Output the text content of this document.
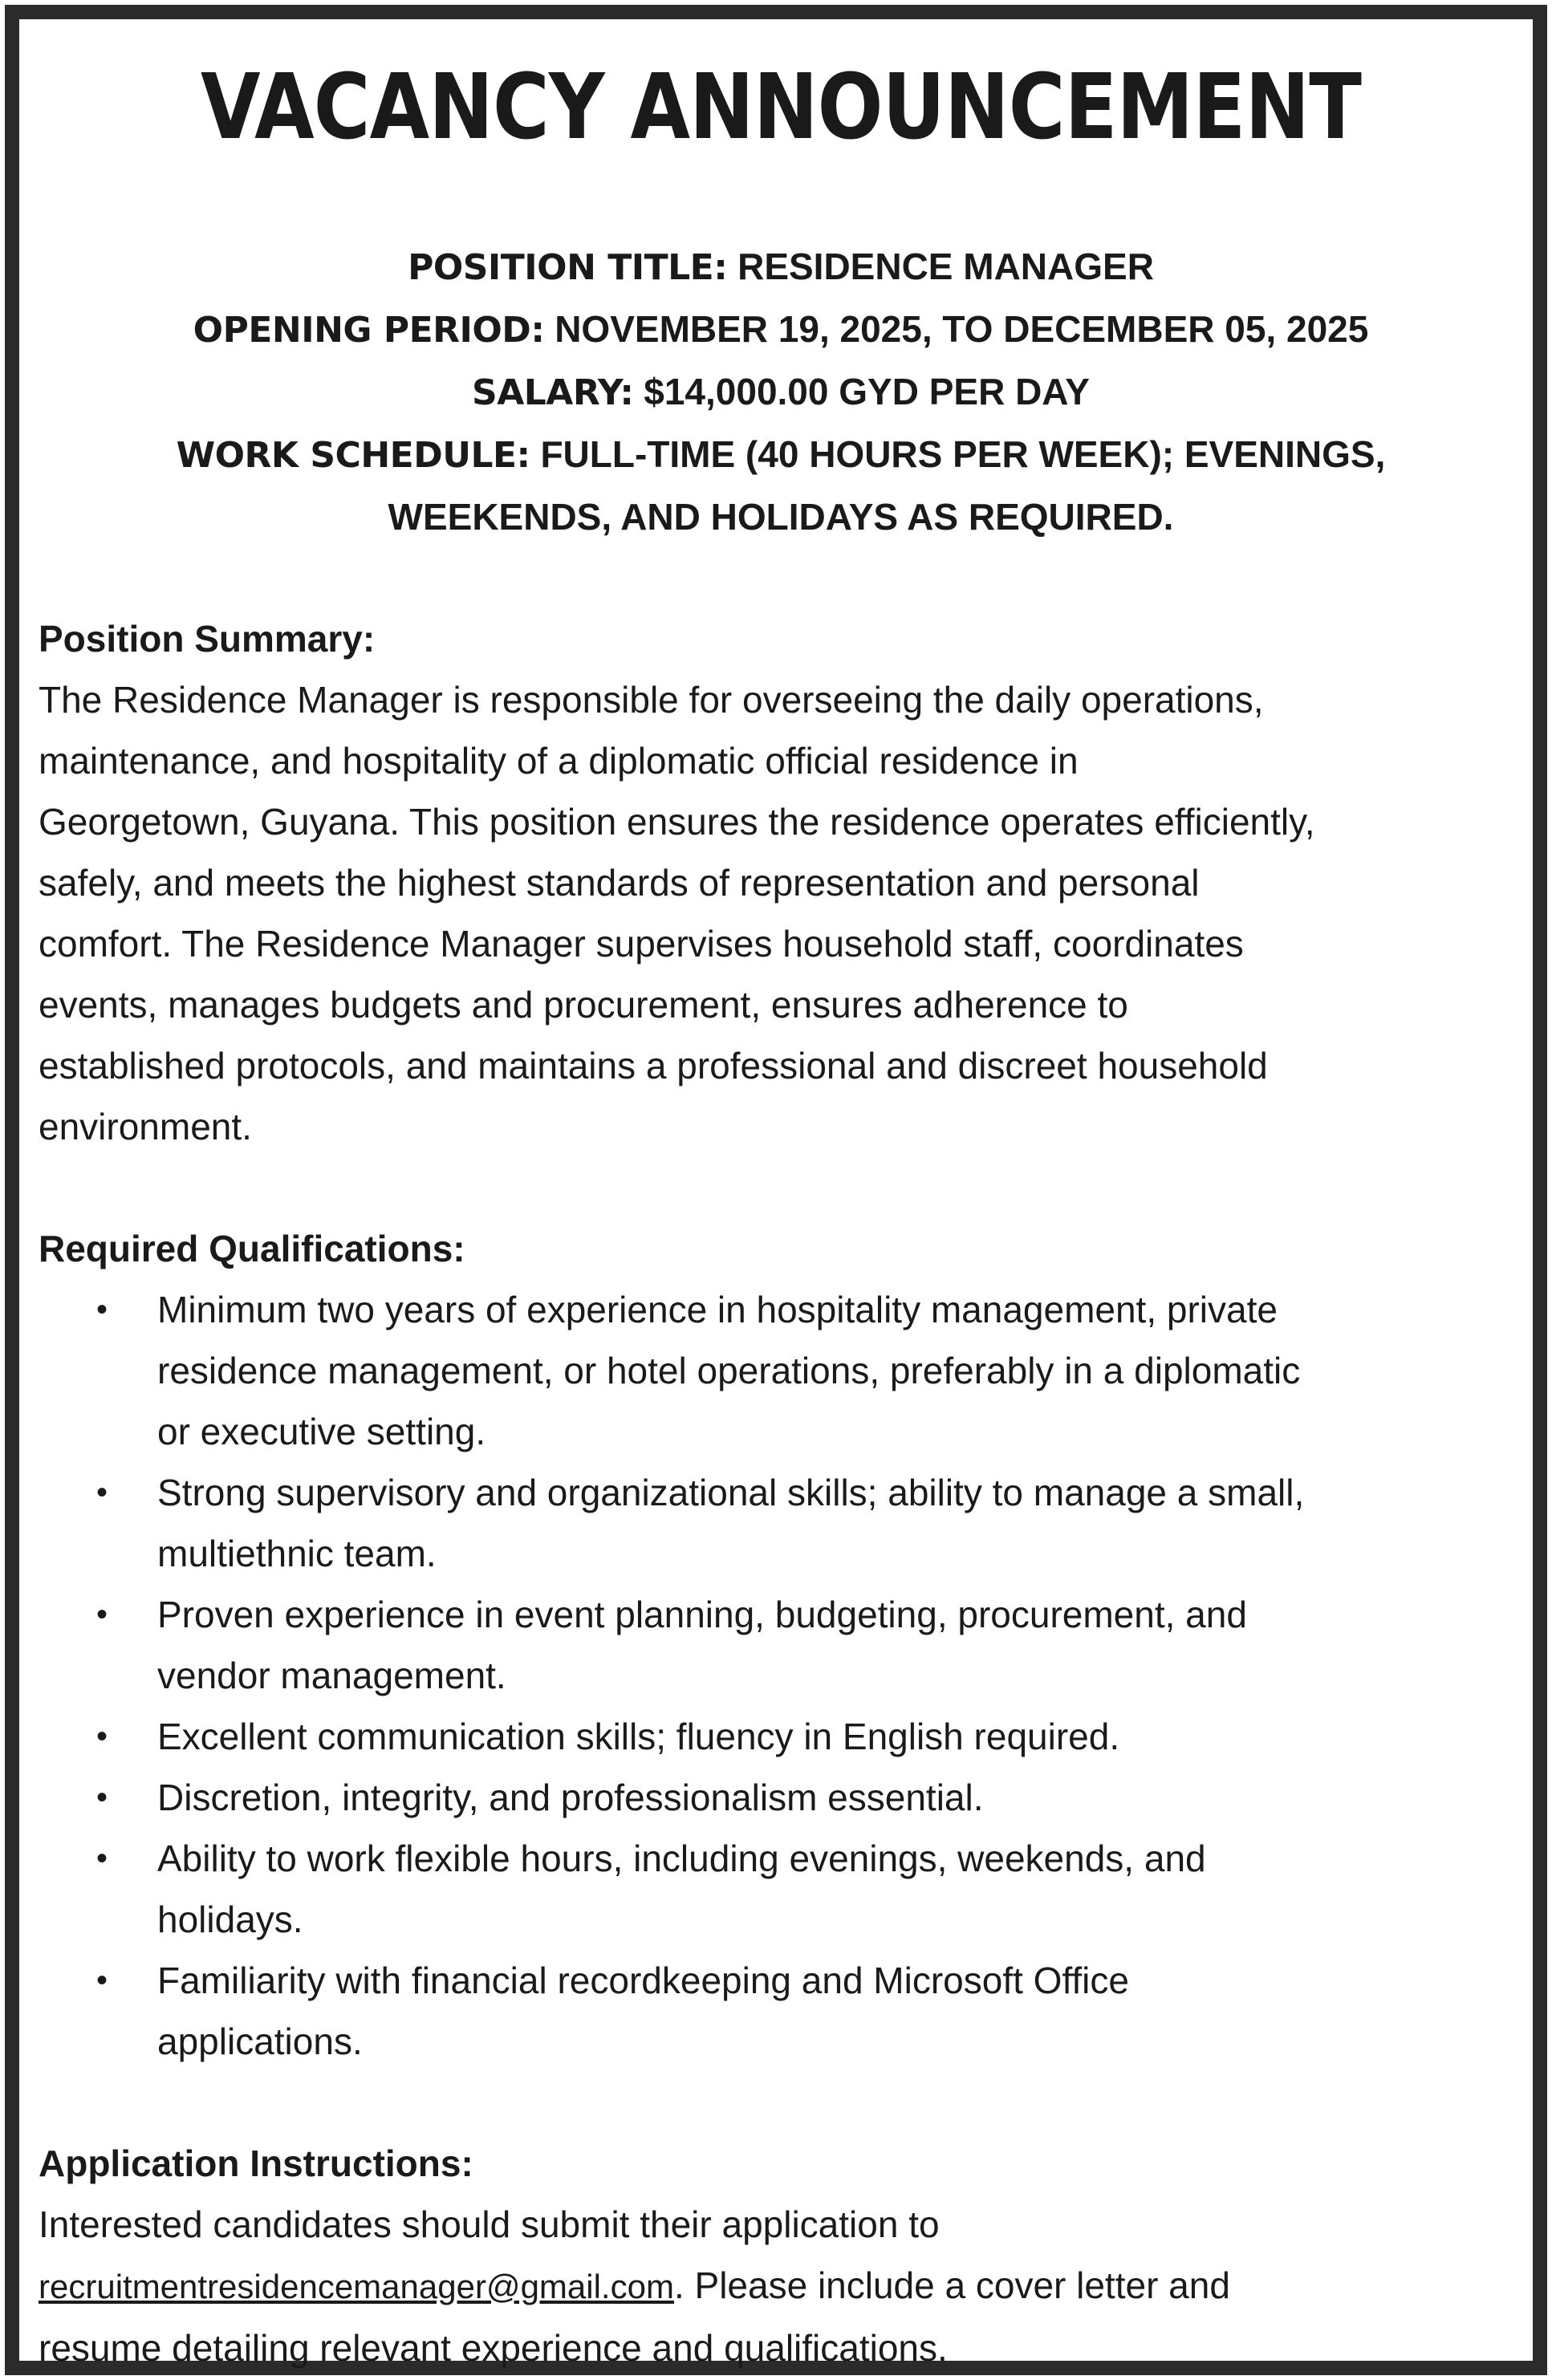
VACANCY ANNOUNCEMENT
POSITION TITLE: RESIDENCE MANAGER
OPENING PERIOD: NOVEMBER 19, 2025, TO DECEMBER 05, 2025
SALARY: $14,000.00 GYD PER DAY
WORK SCHEDULE: FULL-TIME (40 HOURS PER WEEK); EVENINGS,
WEEKENDS, AND HOLIDAYS AS REQUIRED.
Position Summary:
The Residence Manager is responsible for overseeing the daily operations,
maintenance, and hospitality of a diplomatic official residence in
Georgetown, Guyana. This position ensures the residence operates efficiently,
safely, and meets the highest standards of representation and personal
comfort. The Residence Manager supervises household staff, coordinates
events, manages budgets and procurement, ensures adherence to
established protocols, and maintains a professional and discreet household
environment.
Required Qualifications:
• Minimum two years of experience in hospitality management, private
residence management, or hotel operations, preferably in a diplomatic
or executive setting.
• Strong supervisory and organizational skills; ability to manage a small,
multiethnic team.
• Proven experience in event planning, budgeting, procurement, and
vendor management.
• Excellent communication skills; fluency in English required.
• Discretion, integrity, and professionalism essential.
• Ability to work flexible hours, including evenings, weekends, and
holidays.
• Familiarity with financial recordkeeping and Microsoft Office
applications.
Application Instructions:
Interested candidates should submit their application to
recruitmentresidencemanager@gmail.com. Please include a cover letter and
resume detailing relevant experience and qualifications.
